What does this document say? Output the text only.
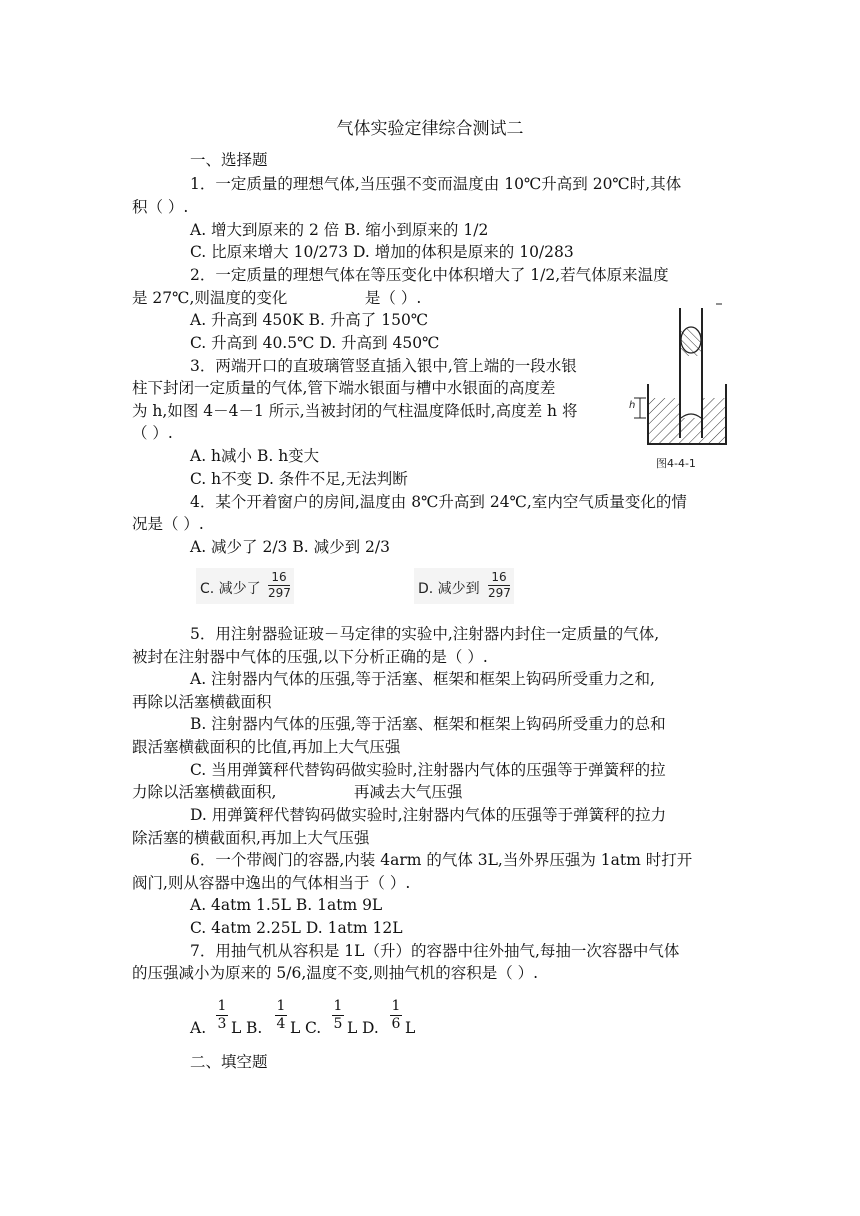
气体实验定律综合测试二
一、选择题
1．一定质量的理想气体,当压强不变而温度由 10℃升高到 20℃时,其体
积（ ）.
A. 增大到原来的 2 倍 B. 缩小到原来的 1/2
C. 比原来增大 10/273 D. 增加的体积是原来的 10/283
2．一定质量的理想气体在等压变化中体积增大了 1/2,若气体原来温度
是 27℃,则温度的变化　　　　　是（ ）.
A. 升高到 450K B. 升高了 150℃
C. 升高到 40.5℃ D. 升高到 450℃
3．两端开口的直玻璃管竖直插入银中,管上端的一段水银
柱下封闭一定质量的气体,管下端水银面与槽中水银面的高度差
为 h,如图 4－4－1 所示,当被封闭的气柱温度降低时,高度差 h 将
（ ）.
A. h减小 B. h变大
C. h不变 D. 条件不足,无法判断
h
图4-4-1
4．某个开着窗户的房间,温度由 8℃升高到 24℃,室内空气质量变化的情
况是（ ）.
A. 减少了 2/3 B. 减少到 2/3
C. 减少了
16
297	D. 减少到
16
297
5．用注射器验证玻－马定律的实验中,注射器内封住一定质量的气体,
被封在注射器中气体的压强,以下分析正确的是（ ）.
A. 注射器内气体的压强,等于活塞、框架和框架上钩码所受重力之和,
再除以活塞横截面积
B. 注射器内气体的压强,等于活塞、框架和框架上钩码所受重力的总和
跟活塞横截面积的比值,再加上大气压强
C. 当用弹簧秤代替钩码做实验时,注射器内气体的压强等于弹簧秤的拉
力除以活塞横截面积,　　　　　再减去大气压强
D. 用弹簧秤代替钩码做实验时,注射器内气体的压强等于弹簧秤的拉力
除活塞的横截面积,再加上大气压强
6．一个带阀门的容器,内装 4arm 的气体 3L,当外界压强为 1atm 时打开
阀门,则从容器中逸出的气体相当于（ ）.
A. 4atm 1.5L B. 1atm 9L
C. 4atm 2.25L D. 1atm 12L
7．用抽气机从容积是 1L（升）的容器中往外抽气,每抽一次容器中气体
的压强减小为原来的 5/6,温度不变,则抽气机的容积是（ ）.
A.
1
3 L B.
1
4 L C.
1
5 L D.
1
6 L
二、填空题
